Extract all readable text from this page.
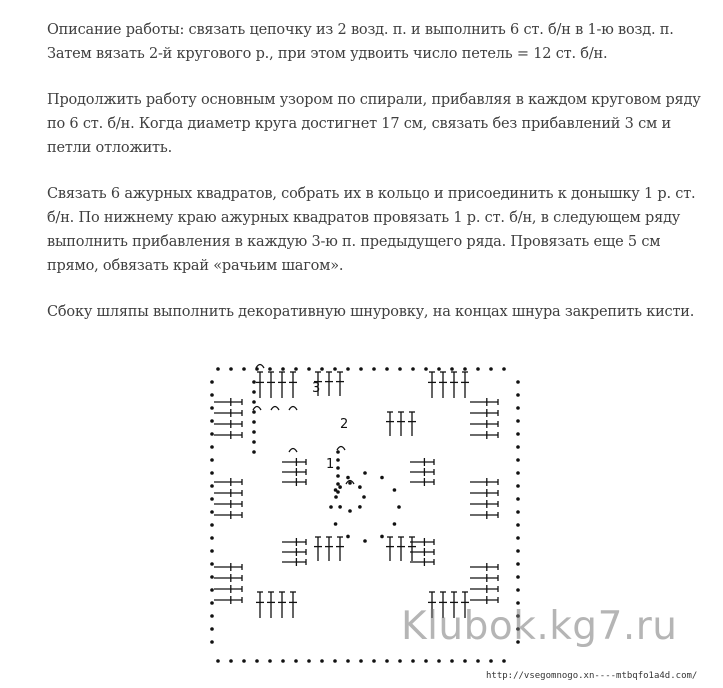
Описание работы: связать цепочку из 2 возд. п. и выполнить 6 ст. б/н в 1-ю возд. п.
Затем вязать 2-й кругового р., при этом удвоить число петель = 12 ст. б/н.

Продолжить работу основным узором по спирали, прибавляя в каждом круговом ряду
по 6 ст. б/н. Когда диаметр круга достигнет 17 см, связать без прибавлений 3 см и
петли отложить.

Связать 6 ажурных квадратов, собрать их в кольцо и присоединить к донышку 1 р. ст.
б/н. По нижнему краю ажурных квадратов провязать 1 р. ст. б/н, в следующем ряду
выполнить прибавления в каждую 3-ю п. предыдущего ряда. Провязать еще 5 см
прямо, обвязать край «рачьим шагом».

Сбоку шляпы выполнить декоративную шнуровку, на концах шнура закрепить кисти.

1
2
3
Klubok.kg7.ru
http://vsegomnogo.xn----mtbqfo1a4d.com/
